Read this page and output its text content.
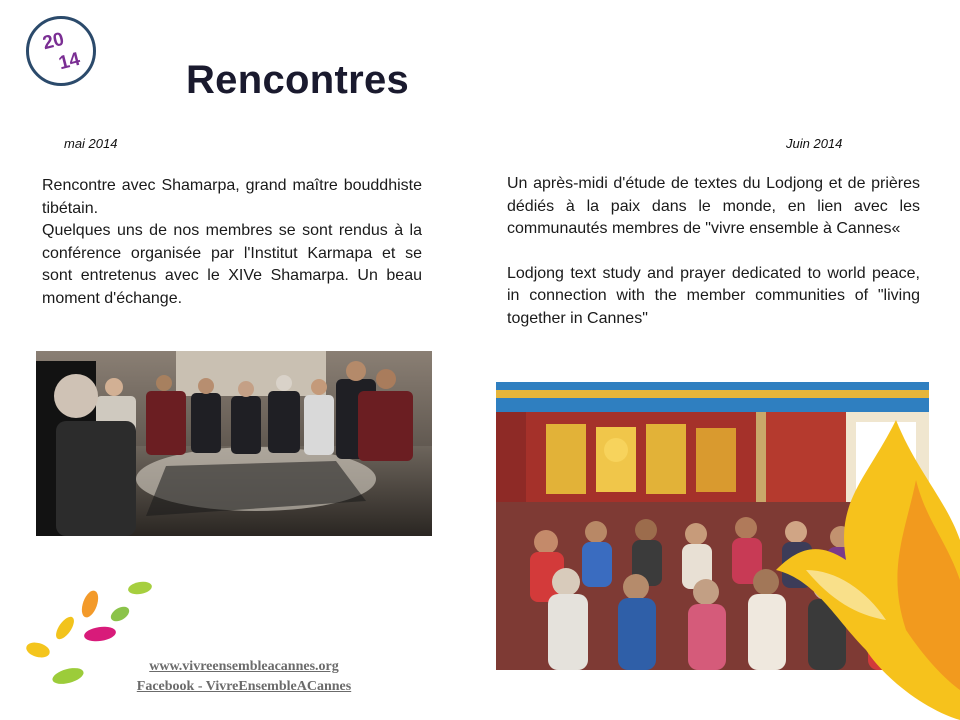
20
14	Rencontres
mai 2014	Juin 2014

Rencontre avec Shamarpa, grand maître bouddhiste tibétain.

Quelques uns de nos membres se sont rendus à la conférence organisée par l'Institut Karmapa et se sont entretenus avec le XIVe Shamarpa. Un beau moment d'échange.

Un après-midi d'étude de textes du Lodjong et de prières dédiés à la paix dans le monde, en lien avec les communautés membres de "vivre ensemble à Cannes«

Lodjong text study and prayer dedicated to world peace, in connection with the member communities of "living together in Cannes"

www.vivreensembleacannes.org
Facebook - VivreEnsembleACannes
